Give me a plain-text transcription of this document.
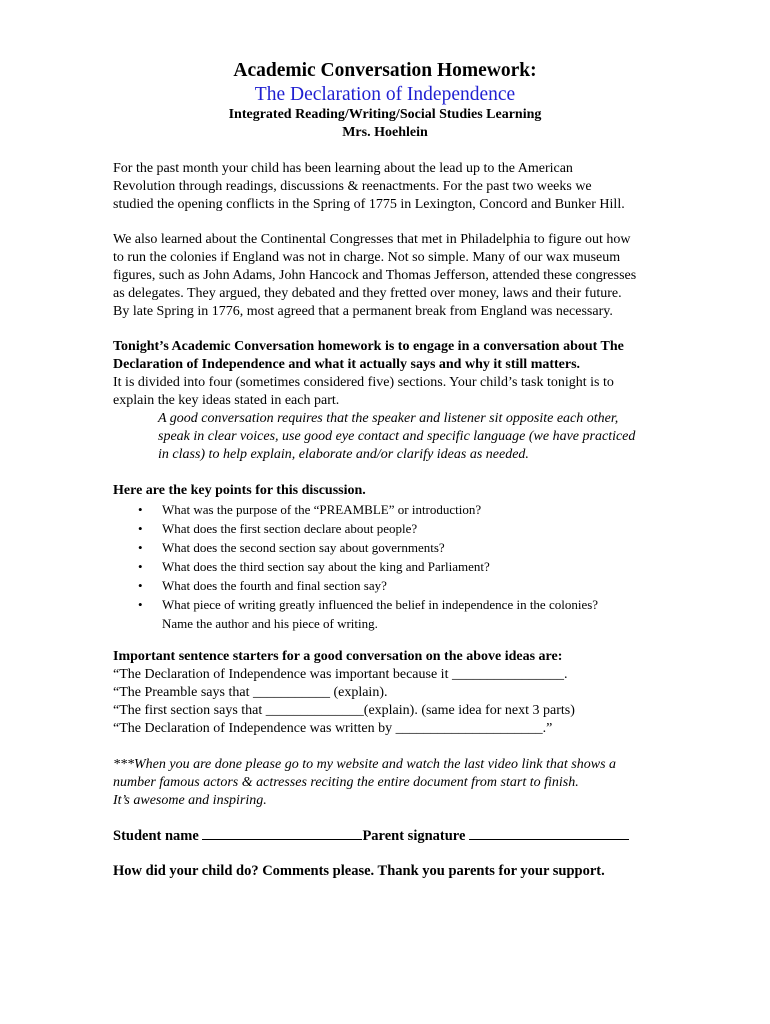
Academic Conversation Homework:
The Declaration of Independence
Integrated Reading/Writing/Social Studies Learning
Mrs. Hoehlein

For the past month your child has been learning about the lead up to the American

Revolution through readings, discussions & reenactments. For the past two weeks we

studied the opening conflicts in the Spring of 1775 in Lexington, Concord and Bunker Hill.

We also learned about the Continental Congresses that met in Philadelphia to figure out how

to run the colonies if England was not in charge. Not so simple. Many of our wax museum

figures, such as John Adams, John Hancock and Thomas Jefferson, attended these congresses

as delegates. They argued, they debated and they fretted over money, laws and their future.

By late Spring in 1776, most agreed that a permanent break from England was necessary.

Tonight’s Academic Conversation homework is to engage in a conversation about The

Declaration of Independence and what it actually says and why it still matters.

It is divided into four (sometimes considered five) sections. Your child’s task tonight is to

explain the key ideas stated in each part.

A good conversation requires that the speaker and listener sit opposite each other,
speak in clear voices, use good eye contact and specific language (we have practiced
in class) to help explain, elaborate and/or clarify ideas as needed.
Here are the key points for this discussion.
• What was the purpose of the “PREAMBLE” or introduction?
• What does the first section declare about people?
• What does the second section say about governments?
• What does the third section say about the king and Parliament?
• What does the fourth and final section say?
• What piece of writing greatly influenced the belief in independence in the colonies?
Name the author and his piece of writing.
Important sentence starters for a good conversation on the above ideas are:

“The Declaration of Independence was important because it ________________.

“The Preamble says that ___________ (explain).

“The first section says that ______________(explain). (same idea for next 3 parts)

“The Declaration of Independence was written by _____________________.”

***When you are done please go to my website and watch the last video link that shows a

number famous actors & actresses reciting the entire document from start to finish.

It’s awesome and inspiring.

Student name	Parent signature
How did your child do? Comments please. Thank you parents for your support.
